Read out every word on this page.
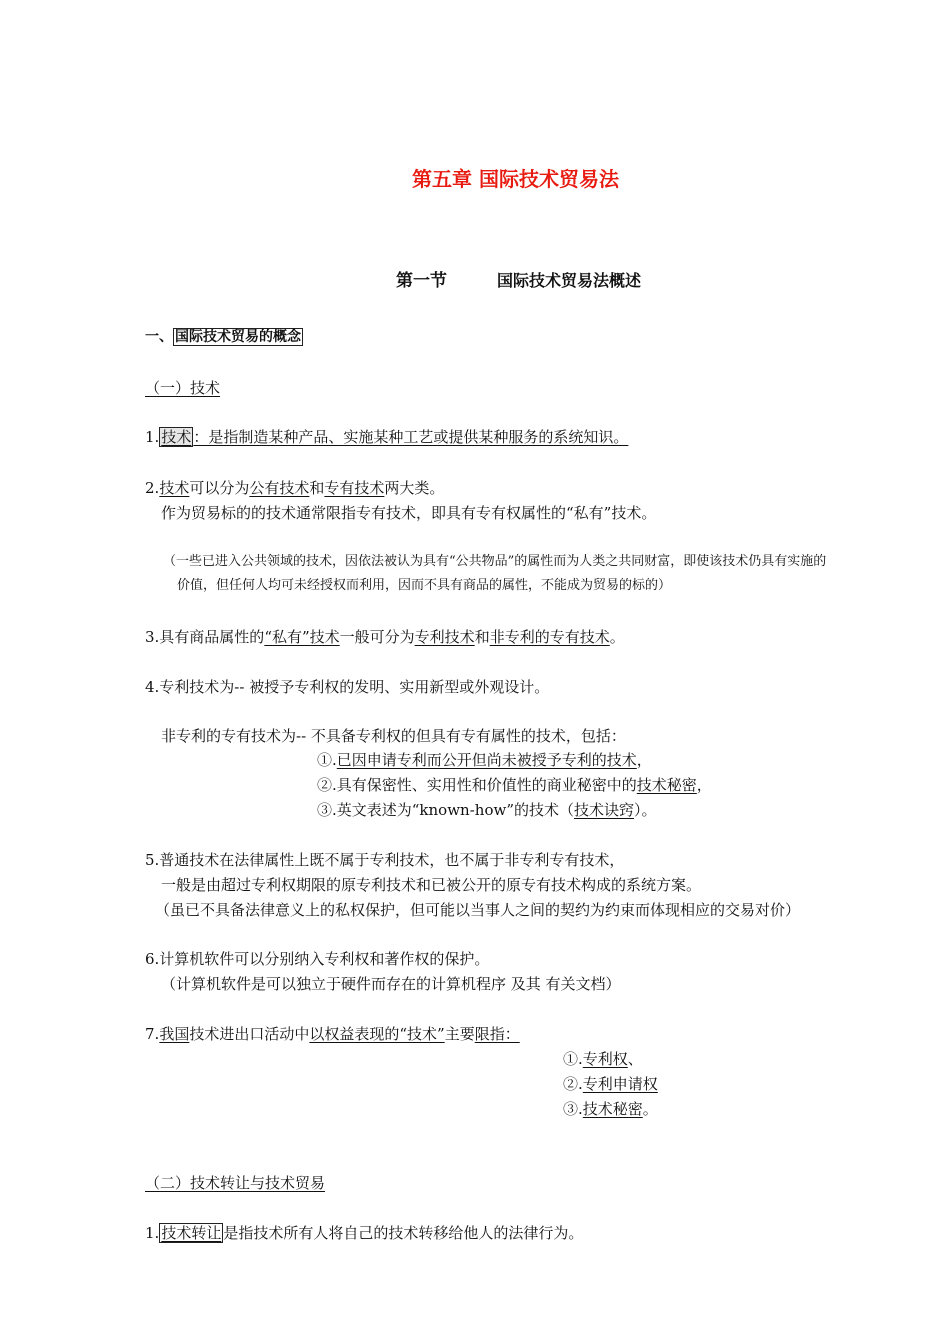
第五章 国际技术贸易法
第一节	国际技术贸易法概述
一、 国际技术贸易的概念
（一）技术
1. 技术 ：是指制造某种产品、实施某种工艺或提供某种服务的系统知识。
2.技术可以分为公有技术和专有技术两大类。
作为贸易标的的技术通常限指专有技术，即具有专有权属性的“私有”技术。
（一些已进入公共领域的技术，因依法被认为具有“公共物品”的属性而为人类之共同财富，即使该技术仍具有实施的
价值，但任何人均可未经授权而利用，因而不具有商品的属性，不能成为贸易的标的）
3.具有商品属性的“私有”技术一般可分为专利技术和非专利的专有技术。
4.专利技术为-- 被授予专利权的发明、实用新型或外观设计。
非专利的专有技术为-- 不具备专利权的但具有专有属性的技术，包括：
①.已因申请专利而公开但尚未被授予专利的技术，
②.具有保密性、实用性和价值性的商业秘密中的技术秘密，
③.英文表述为“known-how”的技术（技术诀窍）。
5.普通技术在法律属性上既不属于专利技术，也不属于非专利专有技术，
一般是由超过专利权期限的原专利技术和已被公开的原专有技术构成的系统方案。
（虽已不具备法律意义上的私权保护，但可能以当事人之间的契约为约束而体现相应的交易对价）
6.计算机软件可以分别纳入专利权和著作权的保护。
（计算机软件是可以独立于硬件而存在的计算机程序 及其 有关文档）
7.我国技术进出口活动中以权益表现的“技术”主要限指：
①.专利权、
②.专利申请权
③.技术秘密。
（二）技术转让与技术贸易
1. 技术转让 是指技术所有人将自己的技术转移给他人的法律行为。
